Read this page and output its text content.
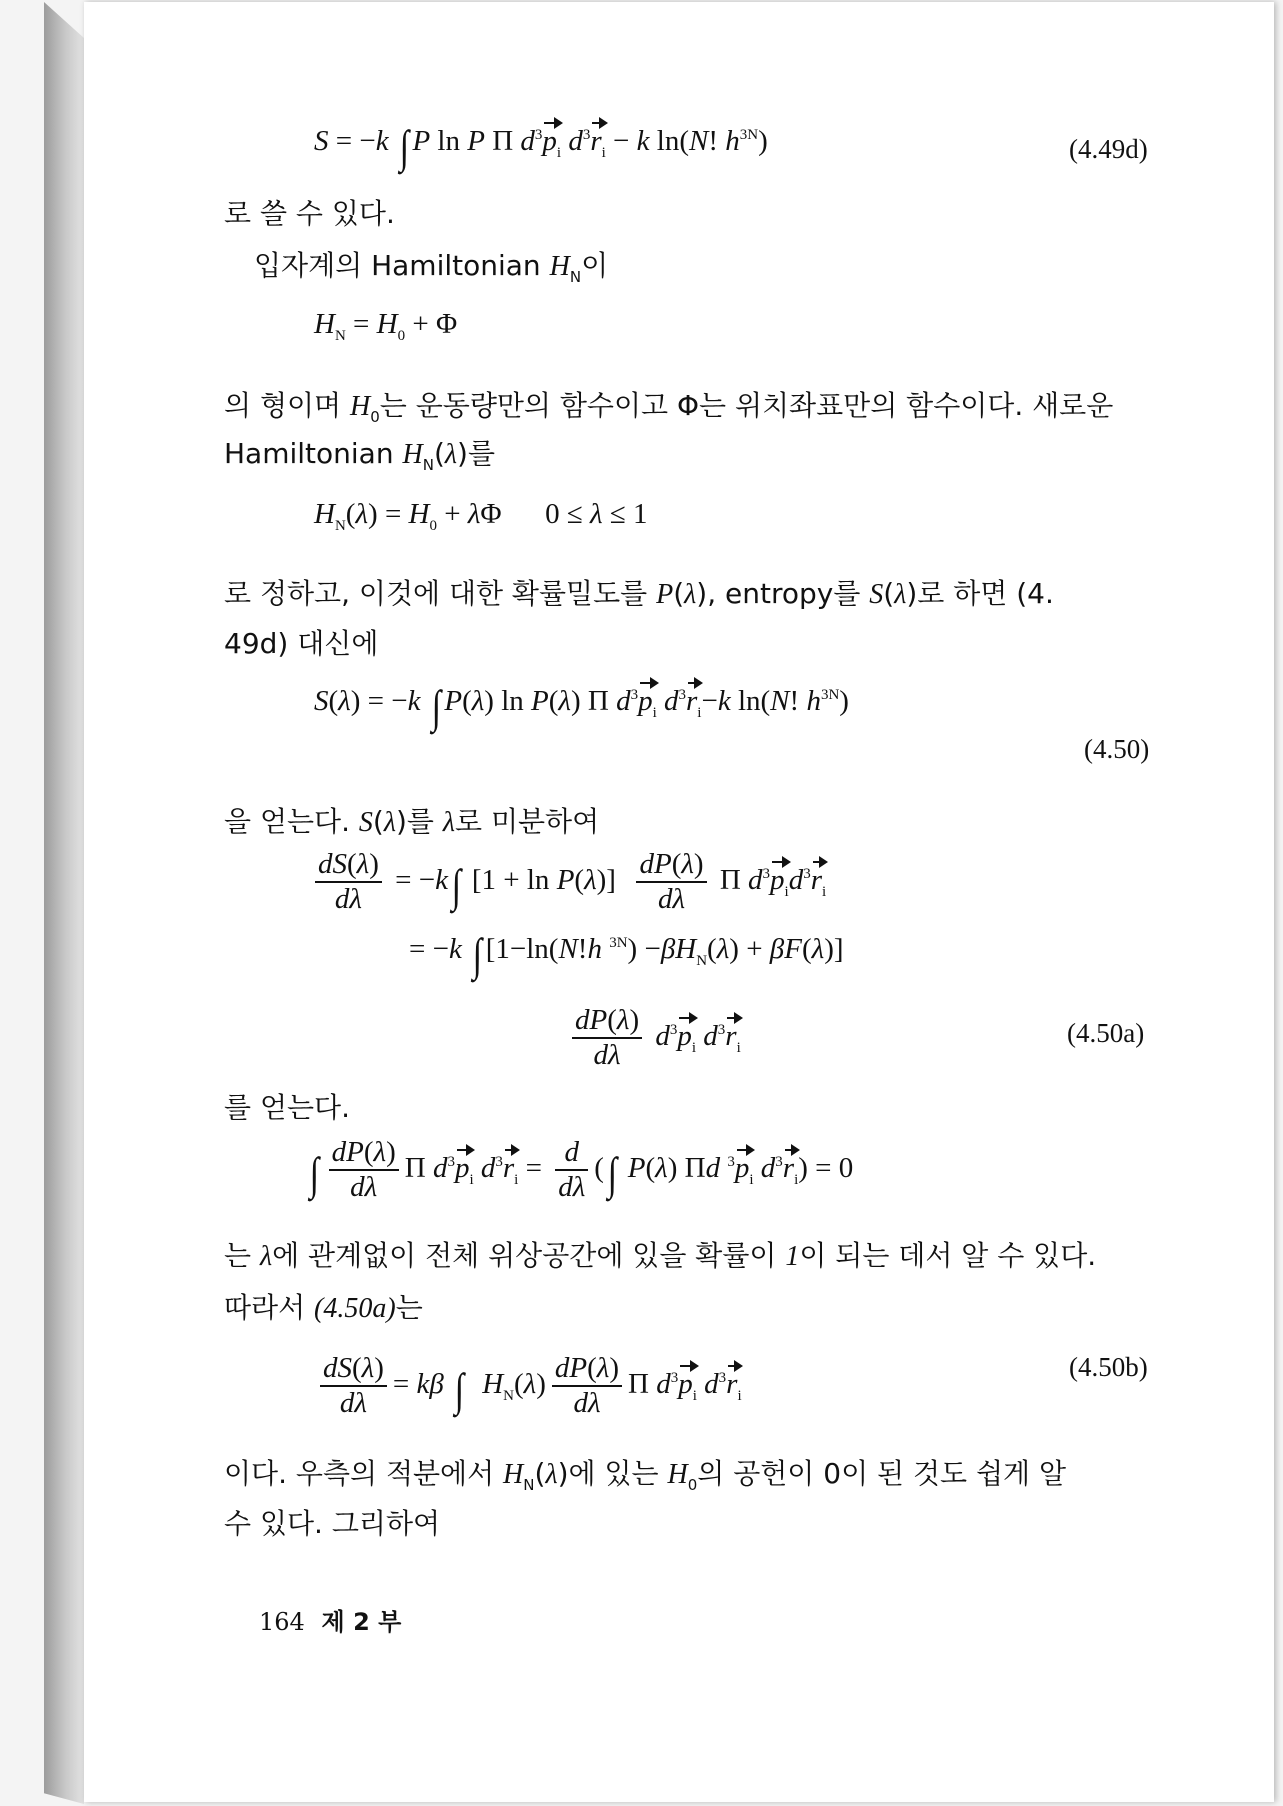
S = −k ∫ P ln P Π $d^3p_i$ $d^3r_i - k$ ln(N! $h^{3N}$)	(4.49d)
로 쓸 수 있다.
입자계의 Hamiltonian $H_N$이
$H_N = H_0 + \Phi$
의 형이며 $H_0$는 운동량만의 함수이고 Φ는 위치좌표만의 함수이다. 새로운
Hamiltonian $H_N(\lambda)$를
$H_N(\lambda) = H_0 + \lambda\Phi$      0 ≤ λ ≤ 1
로 정하고, 이것에 대한 확률밀도를 P(λ), entropy를 S(λ)로 하면 (4.
49d) 대신에
S(λ) = −k ∫ P(λ) ln P(λ) Π $d^3p_i$ $d^3r_i-k$ ln(N! $h^{3N}$)
(4.50)
을 얻는다. S(λ)를 λ로 미분하여
$\frac{dS(\lambda)}{d\lambda} = -k\int$ $[1 + \ln P(\lambda)] \frac{dP(\lambda)}{d\lambda}$ Π $d^3p_id^3r_i$
= −k ∫ [1−ln(N!h $^{3N}) -\beta H_N(\lambda) + \beta F(\lambda)$]
$\frac{dP(\lambda)}{d\lambda} d^3p_i$ $d^3r_i$	(4.50a)
를 얻는다.
∫ $\frac{dP(\lambda)}{d\lambda}$ Π $d^3p_i$ $d^3r_i = \frac{d}{d\lambda}$ (∫ P(λ) Πd $^3p_i$ $d^3r_i) = 0$
는 λ에 관계없이 전체 위상공간에 있을 확률이 1이 되는 데서 알 수 있다.
따라서 (4.50a)는
$\frac{dS(\lambda)}{d\lambda} = k\beta$ ∫ $H_N(\lambda) \frac{dP(\lambda)}{d\lambda}$ Π $d^3p_i$ $d^3r_i$
(4.50b)
이다. 우측의 적분에서 $H_N(\lambda)$에 있는 $H_0$의 공헌이 0이 된 것도 쉽게 알
수 있다. 그리하여
164 제 2 부
